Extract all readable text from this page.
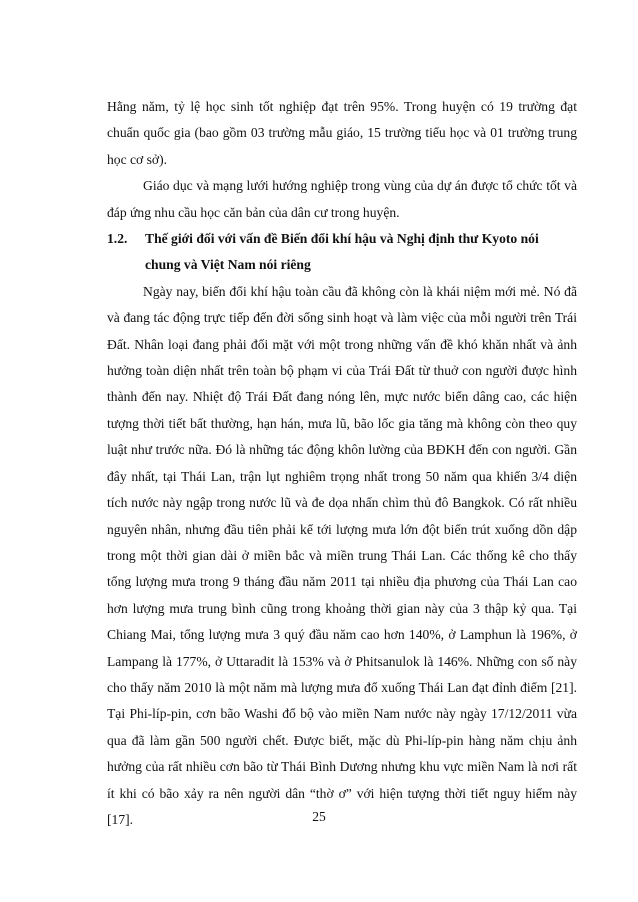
Hằng năm, tỷ lệ học sinh tốt nghiệp đạt trên 95%. Trong huyện có 19 trường đạt chuẩn quốc gia (bao gồm 03 trường mẫu giáo, 15 trường tiểu học và 01 trường trung học cơ sở).

Giáo dục và mạng lưới hướng nghiệp trong vùng của dự án được tổ chức tốt và đáp ứng nhu cầu học căn bản của dân cư trong huyện.

1.2.	Thế giới đối với vấn đề Biến đổi khí hậu và Nghị định thư Kyoto nói chung và Việt Nam nói riêng

Ngày nay, biến đổi khí hậu toàn cầu đã không còn là khái niệm mới mẻ. Nó đã và đang tác động trực tiếp đến đời sống sinh hoạt và làm việc của mỗi người trên Trái Đất. Nhân loại đang phải đối mặt với một trong những vấn đề khó khăn nhất và ảnh hưởng toàn diện nhất trên toàn bộ phạm vi của Trái Đất từ thuở con người được hình thành đến nay. Nhiệt độ Trái Đất đang nóng lên, mực nước biển dâng cao, các hiện tượng thời tiết bất thường, hạn hán, mưa lũ, bão lốc gia tăng mà không còn theo quy luật như trước nữa. Đó là những tác động khôn lường của BĐKH đến con người. Gần đây nhất, tại Thái Lan, trận lụt nghiêm trọng nhất trong 50 năm qua khiến 3/4 diện tích nước này ngập trong nước lũ và đe dọa nhấn chìm thủ đô Bangkok. Có rất nhiều nguyên nhân, nhưng đầu tiên phải kể tới lượng mưa lớn đột biến trút xuống dồn dập trong một thời gian dài ở miền bắc và miền trung Thái Lan. Các thống kê cho thấy tổng lượng mưa trong 9 tháng đầu năm 2011 tại nhiều địa phương của Thái Lan cao hơn lượng mưa trung bình cũng trong khoảng thời gian này của 3 thập kỷ qua. Tại Chiang Mai, tổng lượng mưa 3 quý đầu năm cao hơn 140%, ở Lamphun là 196%, ở Lampang là 177%, ở Uttaradit là 153% và ở Phitsanulok là 146%. Những con số này cho thấy năm 2010 là một năm mà lượng mưa đổ xuống Thái Lan đạt đỉnh điểm [21]. Tại Phi-líp-pin, cơn bão Washi đổ bộ vào miền Nam nước này ngày 17/12/2011 vừa qua đã làm gần 500 người chết. Được biết, mặc dù Phi-líp-pin hàng năm chịu ảnh hưởng của rất nhiều cơn bão từ Thái Bình Dương nhưng khu vực miền Nam là nơi rất ít khi có bão xảy ra nên người dân “thờ ơ” với hiện tượng thời tiết nguy hiểm này [17].	25
